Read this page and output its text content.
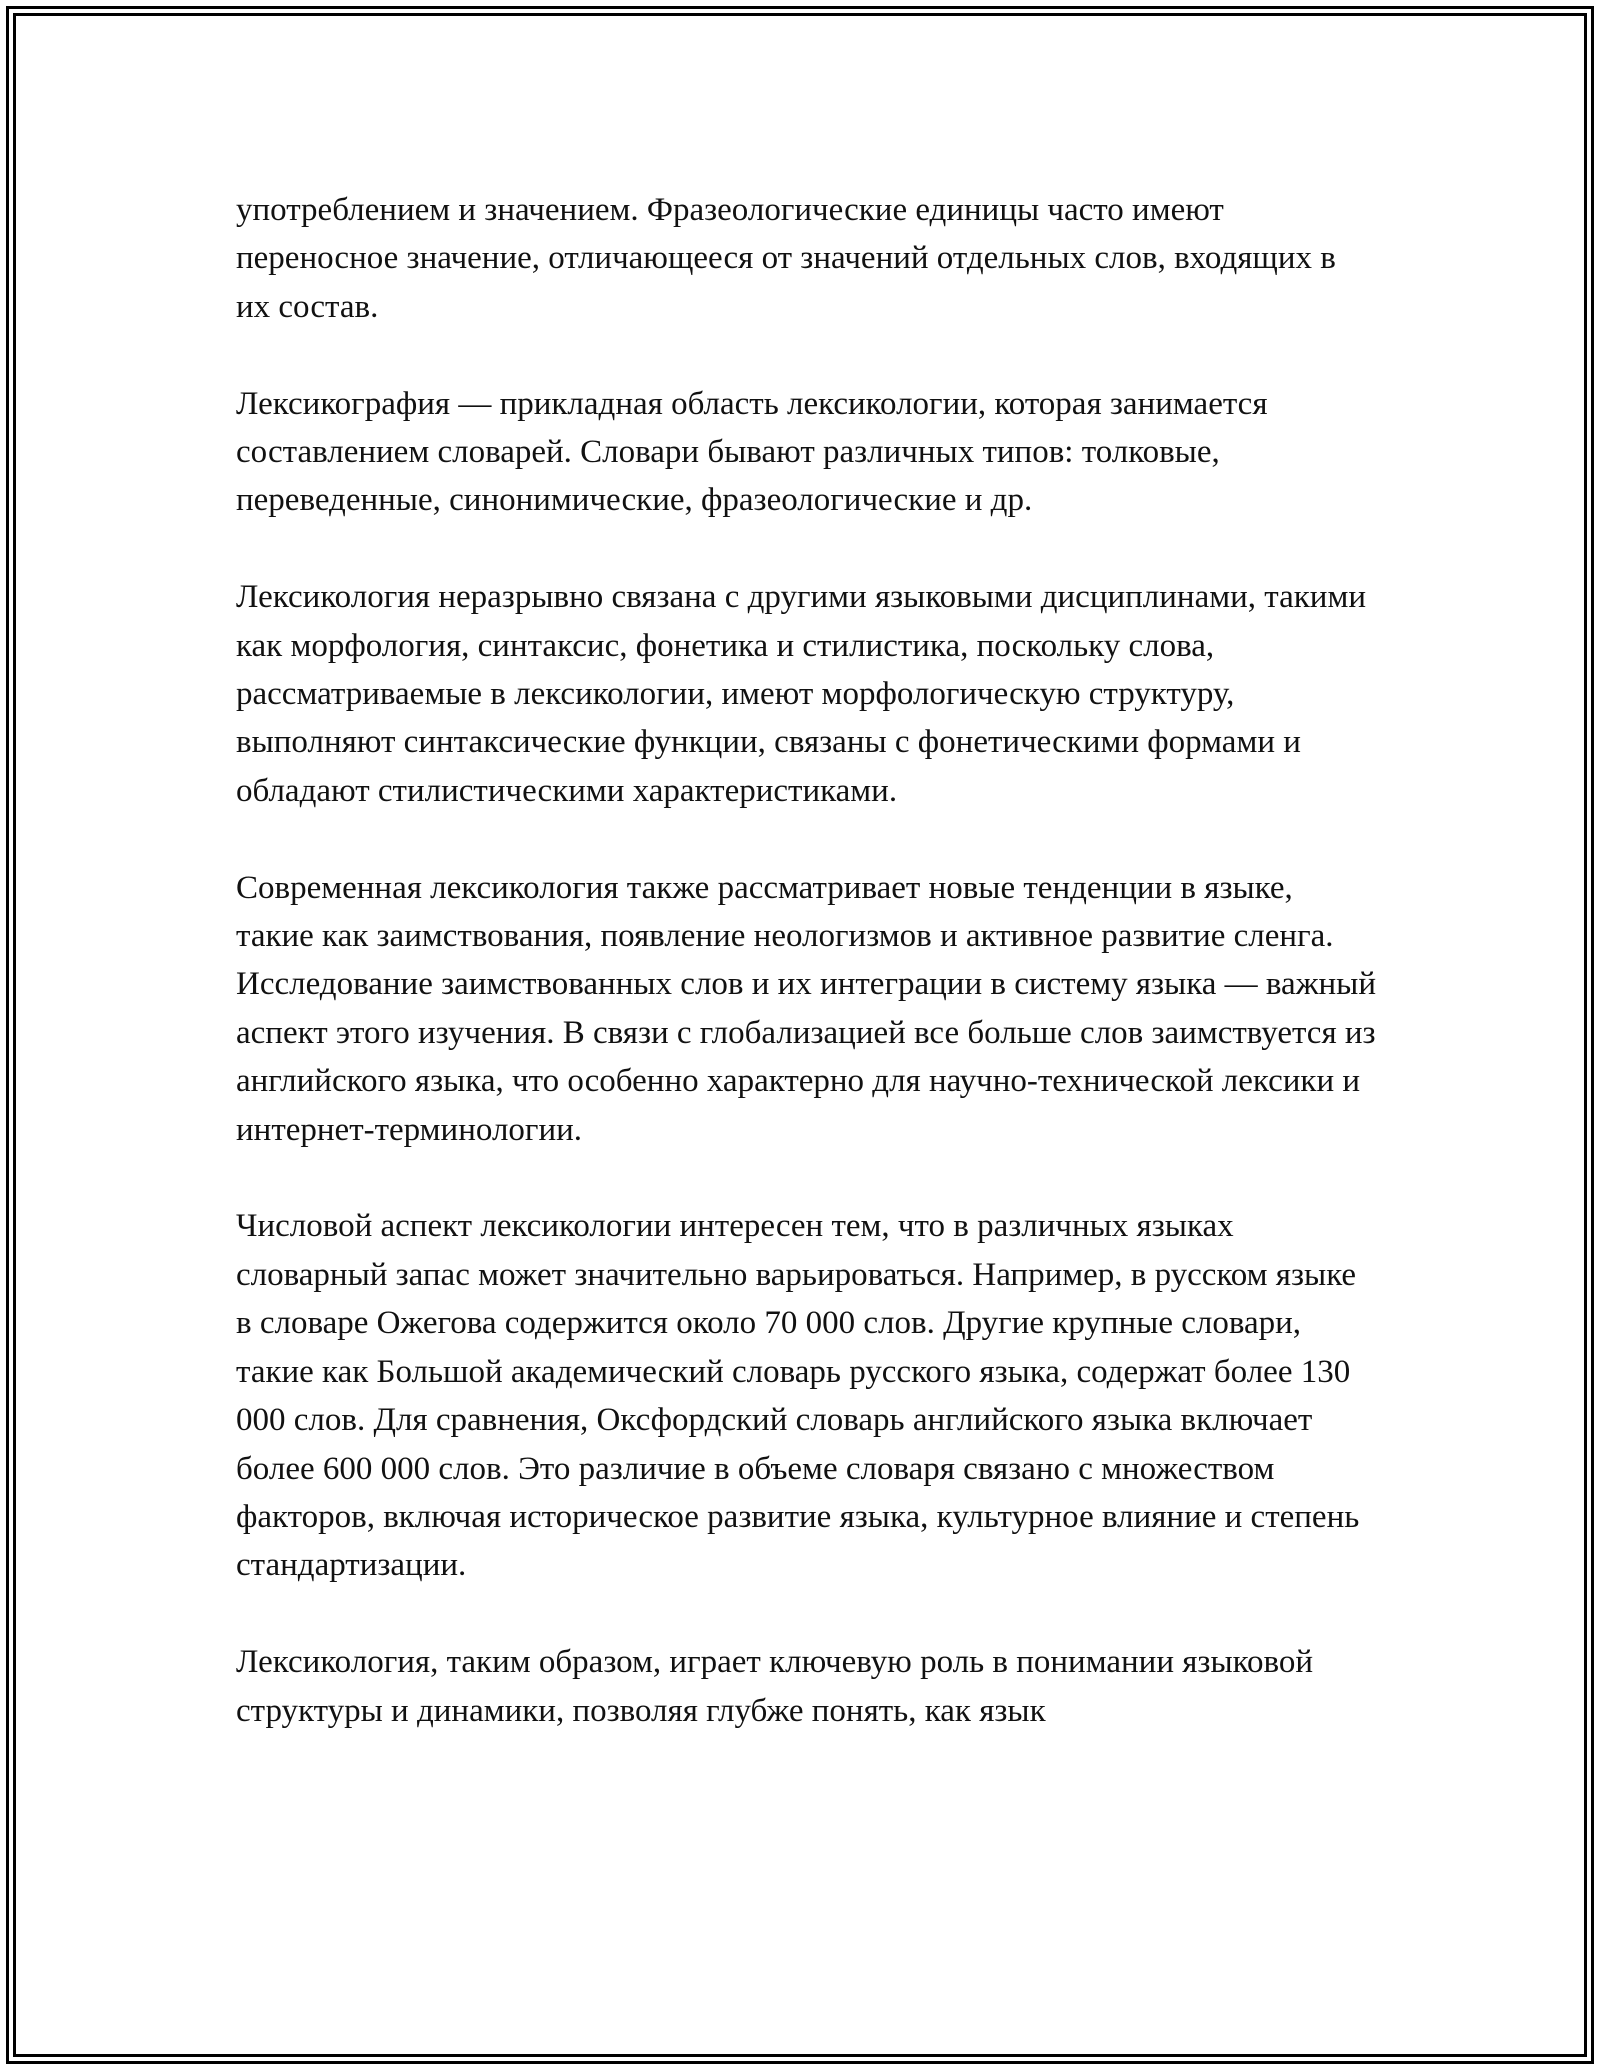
употреблением и значением. Фразеологические единицы часто имеют переносное значение, отличающееся от значений отдельных слов, входящих в их состав.

Лексикография — прикладная область лексикологии, которая занимается составлением словарей. Словари бывают различных типов: толковые, переведенные, синонимические, фразеологические и др.

Лексикология неразрывно связана с другими языковыми дисциплинами, такими как морфология, синтаксис, фонетика и стилистика, поскольку слова, рассматриваемые в лексикологии, имеют морфологическую структуру, выполняют синтаксические функции, связаны с фонетическими формами и обладают стилистическими характеристиками.

Современная лексикология также рассматривает новые тенденции в языке, такие как заимствования, появление неологизмов и активное развитие сленга. Исследование заимствованных слов и их интеграции в систему языка — важный аспект этого изучения. В связи с глобализацией все больше слов заимствуется из английского языка, что особенно характерно для научно-технической лексики и интернет-терминологии.

Числовой аспект лексикологии интересен тем, что в различных языках словарный запас может значительно варьироваться. Например, в русском языке в словаре Ожегова содержится около 70 000 слов. Другие крупные словари, такие как Большой академический словарь русского языка, содержат более 130 000 слов. Для сравнения, Оксфордский словарь английского языка включает более 600 000 слов. Это различие в объеме словаря связано с множеством факторов, включая историческое развитие языка, культурное влияние и степень стандартизации.

Лексикология, таким образом, играет ключевую роль в понимании языковой структуры и динамики, позволяя глубже понять, как язык
